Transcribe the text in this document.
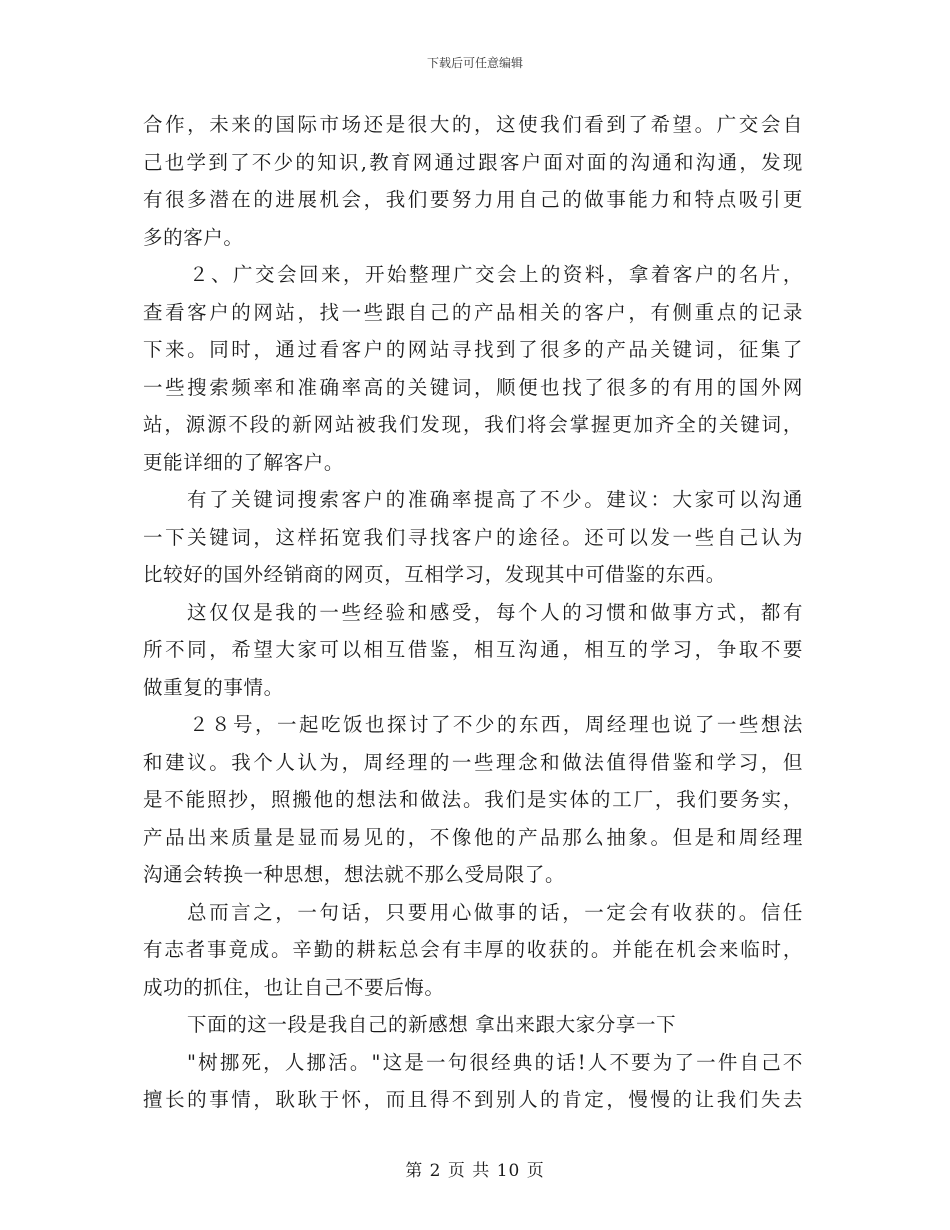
下载后可任意编辑
合作，未来的国际市场还是很大的，这使我们看到了希望。广交会自
己也学到了不少的知识,教育网通过跟客户面对面的沟通和沟通，发现
有很多潜在的进展机会，我们要努力用自己的做事能力和特点吸引更
多的客户。
２、广交会回来，开始整理广交会上的资料，拿着客户的名片，
查看客户的网站，找一些跟自己的产品相关的客户，有侧重点的记录
下来。同时，通过看客户的网站寻找到了很多的产品关键词，征集了
一些搜索频率和准确率高的关键词，顺便也找了很多的有用的国外网
站，源源不段的新网站被我们发现，我们将会掌握更加齐全的关键词，
更能详细的了解客户。
有了关键词搜索客户的准确率提高了不少。建议：大家可以沟通
一下关键词，这样拓宽我们寻找客户的途径。还可以发一些自己认为
比较好的国外经销商的网页，互相学习，发现其中可借鉴的东西。
这仅仅是我的一些经验和感受，每个人的习惯和做事方式，都有
所不同，希望大家可以相互借鉴，相互沟通，相互的学习，争取不要
做重复的事情。
２８号，一起吃饭也探讨了不少的东西，周经理也说了一些想法
和建议。我个人认为，周经理的一些理念和做法值得借鉴和学习，但
是不能照抄，照搬他的想法和做法。我们是实体的工厂，我们要务实，
产品出来质量是显而易见的，不像他的产品那么抽象。但是和周经理
沟通会转换一种思想，想法就不那么受局限了。
总而言之，一句话，只要用心做事的话，一定会有收获的。信任
有志者事竟成。辛勤的耕耘总会有丰厚的收获的。并能在机会来临时，
成功的抓住，也让自己不要后悔。
下面的这一段是我自己的新感想 拿出来跟大家分享一下
"树挪死，人挪活。"这是一句很经典的话!人不要为了一件自己不
擅长的事情，耿耿于怀，而且得不到别人的肯定，慢慢的让我们失去
第 2 页 共 10 页
